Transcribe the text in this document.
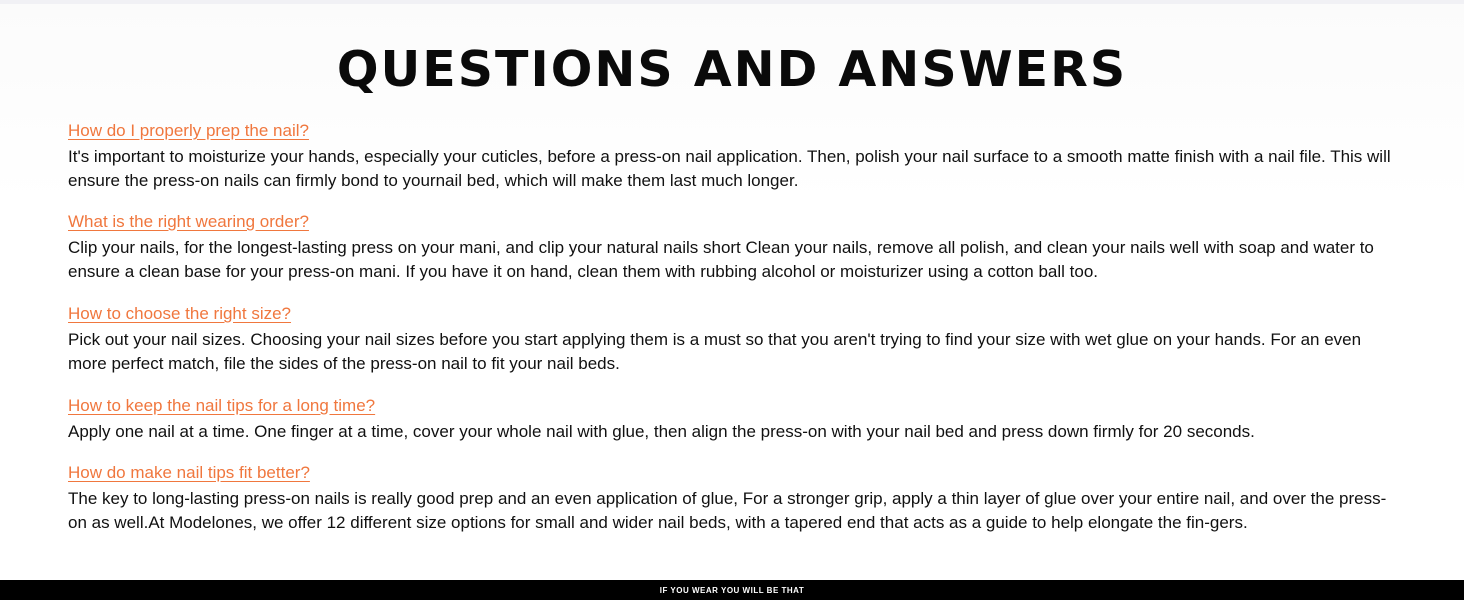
QUESTIONS AND ANSWERS
How do I properly prep the nail?

It's important to moisturize your hands, especially your cuticles, before a press-on nail application. Then, polish your nail surface to a smooth matte finish with a nail file. This will ensure the press-on nails can firmly bond to yournail bed, which will make them last much longer.

What is the right wearing order?

Clip your nails, for the longest-lasting press on your mani, and clip your natural nails short Clean your nails, remove all polish, and clean your nails well with soap and water to ensure a clean base for your press-on mani. If you have it on hand, clean them with rubbing alcohol or moisturizer using a cotton ball too.

How to choose the right size?

Pick out your nail sizes. Choosing your nail sizes before you start applying them is a must so that you aren't trying to find your size with wet glue on your hands. For an even more perfect match, file the sides of the press-on nail to fit your nail beds.

How to keep the nail tips for a long time?

Apply one nail at a time. One finger at a time, cover your whole nail with glue, then align the press-on with your nail bed and press down firmly for 20 seconds.

How do make nail tips fit better?

The key to long-lasting press-on nails is really good prep and an even application of glue, For a stronger grip, apply a thin layer of glue over your entire nail, and over the press-on as well.At Modelones, we offer 12 different size options for small and wider nail beds, with a tapered end that acts as a guide to help elongate the fin-gers.

IF YOU WEAR YOU WILL BE THAT
